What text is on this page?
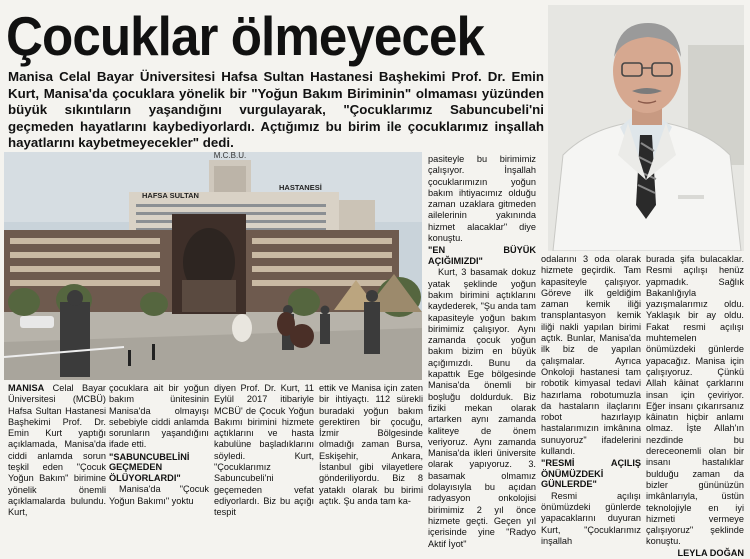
Çocuklar ölmeyecek

Manisa Celal Bayar Üniversitesi Hafsa Sultan Hastanesi Başhekimi Prof. Dr. Emin Kurt, Manisa'da çocuklara yönelik bir "Yoğun Bakım Biriminin" olmaması yüzünden büyük sıkıntıların yaşandığını vurgulayarak, "Çocuklarımız Sabuncubeli'ni geçmeden hayatlarını kaybediyorlardı. Açtığımız bu birim ile çocuklarımız inşallah hayatlarını kaybetmeyecekler" dedi.

M.C.B.Ü.
HAFSA SULTAN
HASTANESİ

MANISA Celal Bayar Üniversitesi (MCBÜ) Hafsa Sultan Hastanesi Başhekimi Prof. Dr. Emin Kurt yaptığı açıklamada, Manisa'da ciddi anlamda sorun teşkil eden "Çocuk Yoğun Bakım" birimine yönelik önemli açıklamalarda bulundu. Kurt,

çocuklara ait bir yoğun bakım ünitesinin Manisa'da olmayışı sebebiyle ciddi anlamda sorunların yaşandığını ifade etti.

"SABUNCUBELİNİ GEÇMEDEN ÖLÜYORLARDI"

Manisa'da "Çocuk Yoğun Bakımı" yoktu

diyen Prof. Dr. Kurt, 11 Eylül 2017 itibariyle MCBÜ' de Çocuk Yoğun Bakımı birimini hizmete açtıklarını ve hasta kabulüne başladıklarını söyledi. Kurt, "Çocuklarımız Sabuncubeli'ni geçemeden vefat ediyorlardı. Biz bu açığı tespit

ettik ve Manisa için zaten bir ihtiyaçtı. 112 sürekli buradaki yoğun bakım gerektiren bir çocuğu, İzmir Bölgesinde olmadığı zaman Bursa, Eskişehir, Ankara, İstanbul gibi vilayetlere gönderiliyordu. Biz 8 yataklı olarak bu birimi açtık. Şu anda tam ka-

pasiteyle bu birimimiz çalışıyor. İnşallah çocuklarımızın yoğun bakım ihtiyacımız olduğu zaman uzaklara gitmeden ailelerinin yakınında hizmet alacaklar" diye konuştu.

"EN BÜYÜK AÇIĞIMIZDI"

Kurt, 3 basamak dokuz yatak şeklinde yoğun bakım birimini açtıklarını kaydederek, "Şu anda tam kapasiteyle yoğun bakım birimimiz çalışıyor. Aynı zamanda çocuk yoğun bakım bizim en büyük açığımızdı. Bunu da kapattık Ege bölgesinde Manisa'da önemli bir boşluğu doldurduk. Biz fiziki mekan olarak artarken aynı zamanda kaliteye de önem veriyoruz. Aynı zamanda Manisa'da ikleri üniversite olarak yapıyoruz. 3. basamak olmamız dolayısıyla bu açıdan radyasyon onkolojisi birimimiz 2 yıl önce hizmete geçti. Geçen yıl içerisinde yine "Radyo Aktif İyot"

odalarını 3 oda olarak hizmete geçirdik. Tam kapasiteyle çalışıyor. Göreve ilk geldiğim zaman kemik iliği transplantasyon kemik iliği nakli yapılan birimi açtık. Bunlar, Manisa'da ilk biz de yapılan çalışmalar. Ayrıca Onkoloji hastanesi tam robotik kimyasal tedavi hazırlama robotumuzla da hastaların ilaçlarını robot hazırlayıp hastalarımızın imkânına sunuyoruz" ifadelerini kullandı.

"RESMİ AÇILIŞ ÖNÜMÜZDEKİ GÜNLERDE"

Resmi açılışı önümüzdeki günlerde yapacaklarını duyuran Kurt, "Çocuklarımız inşallah

burada şifa bulacaklar. Resmi açılışı henüz yapmadık. Sağlık Bakanlığıyla yazışmalarımız oldu. Yaklaşık bir ay oldu. Fakat resmi açılışı muhtemelen önümüzdeki günlerde yapacağız. Manisa için çalışıyoruz. Çünkü Allah kâinat çarklarını insan için çeviriyor. Eğer insanı çıkarırsanız kâinatın hiçbir anlamı olmaz. İşte Allah'ın nezdinde bu dereceonemli olan bir insanı hastalıklar bulduğu zaman da bizler gününüzün imkânlarıyla, üstün teknolojiyle en iyi hizmeti vermeye çalışıyoruz" şeklinde konuştu.

LEYLA DOĞAN
